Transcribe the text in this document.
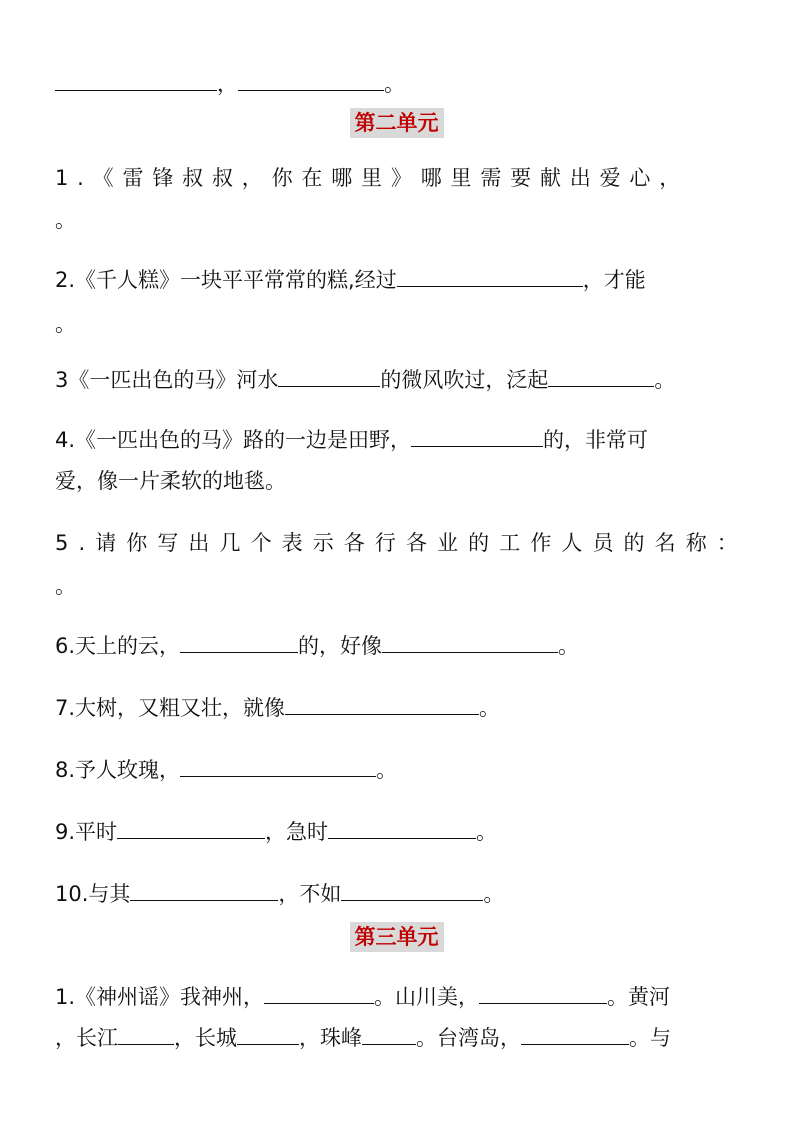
，	。
第二单元
1.《雷锋叔叔，你在哪里》哪里需要献出爱心，
。
2.《千人糕》一块平平常常的糕,经过	，才能
。
3《一匹出色的马》河水	的微风吹过，泛起	。
4.《一匹出色的马》路的一边是田野，	的，非常可
爱，像一片柔软的地毯。
5.请你写出几个表示各行各业的工作人员的名称：
。
6.天上的云，	的，好像	。
7.大树，又粗又壮，就像	。
8.予人玫瑰，	。
9.平时	，急时	。
10.与其	，不如	。
第三单元
1.《神州谣》我神州，	。山川美，	。黄河
，长江	，长城	，珠峰	。台湾岛，	。与
